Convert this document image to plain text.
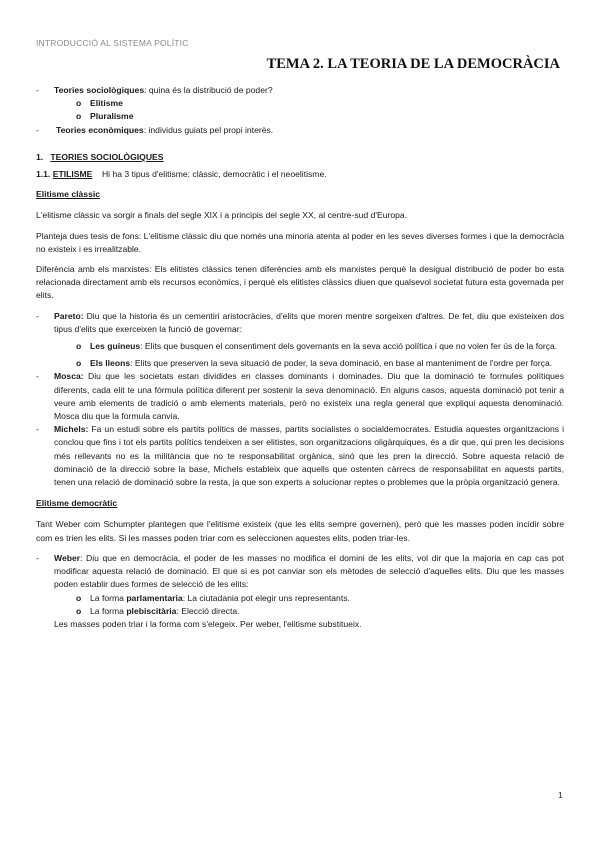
INTRODUCCIÓ AL SISTEMA POLÍTIC
TEMA 2. LA TEORIA DE LA DEMOCRÀCIA
- Teories sociològiques: quina és la distribució de poder?
o Elitisme
o Pluralisme
- Teories econòmiques: individus guiats pel propi interès.
1. TEORIES SOCIOLÒGIQUES
1.1. ETILISME Hi ha 3 tipus d'elitisme: clàssic, democràtic i el neoelitisme.
Elitisme clàssic

L'elitisme clàssic va sorgir a finals del segle XIX i a principis del segle XX, al centre-sud d'Europa.

Planteja dues tesis de fons: L'elitisme clàssic diu que només una minoria atenta al poder en les seves diverses formes i que la democràcia no existeix i es irrealitzable.

Diferència amb els marxistes: Els elitistes clàssics tenen diferències amb els marxistes perquè la desigual distribució de poder bo esta relacionada directament amb els recursos econòmics, i perquè els elitistes clàssics diuen que qualsevol societat futura esta governada per elits.

- Pareto: Diu que la historia és un cementiri aristocràcies, d'elits que moren mentre sorgeixen d'altres. De fet, diu que existeixen dos tipus d'elits que exerceixen la funció de governar:
o Les guineus: Elits que busquen el consentiment dels governants en la seva acció política i que no volen fer ús de la força.
o Els lleons: Elits que preserven la seva situació de poder, la seva dominació, en base al manteniment de l'ordre per força.
- Mosca: Diu que les societats estan dividides en classes dominants i dominades. Diu que la dominació te formules polítiques diferents, cada elit te una fórmula política diferent per sostenir la seva denominació. En alguns casos, aquesta dominació pot tenir a veure amb elements de tradició o amb elements materials, però no existeix una regla general que expliqui aquesta denominació. Mosca diu que la formula canvia.
- Michels: Fa un estudi sobre els partits polítics de masses, partits socialistes o socialdemocrates. Estudia aquestes organitzacions i conclou que fins i tot els partits polítics tendeixen a ser elitistes, son organitzacions oligàrquiques, és a dir que, qui pren les decisions més rellevants no es la militància que no te responsabilitat orgànica, sinó que les pren la direcció. Sobre aquesta relació de dominació de la direcció sobre la base, Michels estableix que aquells que ostenten càrrecs de responsabilitat en aquests partits, tenen una relació de dominació sobre la resta, ja que son experts a solucionar reptes o problemes que la pròpia organització genera.
Elitisme democràtic

Tant Weber com Schumpter plantegen que l'elitisme existeix (que les elits sempre governen), però que les masses poden incidir sobre com es trien les elits. Si les masses poden triar com es seleccionen aquestes elits, poden triar-les.

- Weber: Diu que en democràcia, el poder de les masses no modifica el domini de les elits, vol dir que la majoria en cap cas pot modificar aquesta relació de dominació. El que si es pot canviar son els mètodes de selecció d'aquelles elits. Diu que les masses poden establir dues formes de selecció de les elits:
o La forma parlamentaria: La ciutadania pot elegir uns representants.
o La forma plebiscitària: Elecció directa.
Les masses poden triar i la forma com s'elegeix. Per weber, l'elitisme substitueix.
1
